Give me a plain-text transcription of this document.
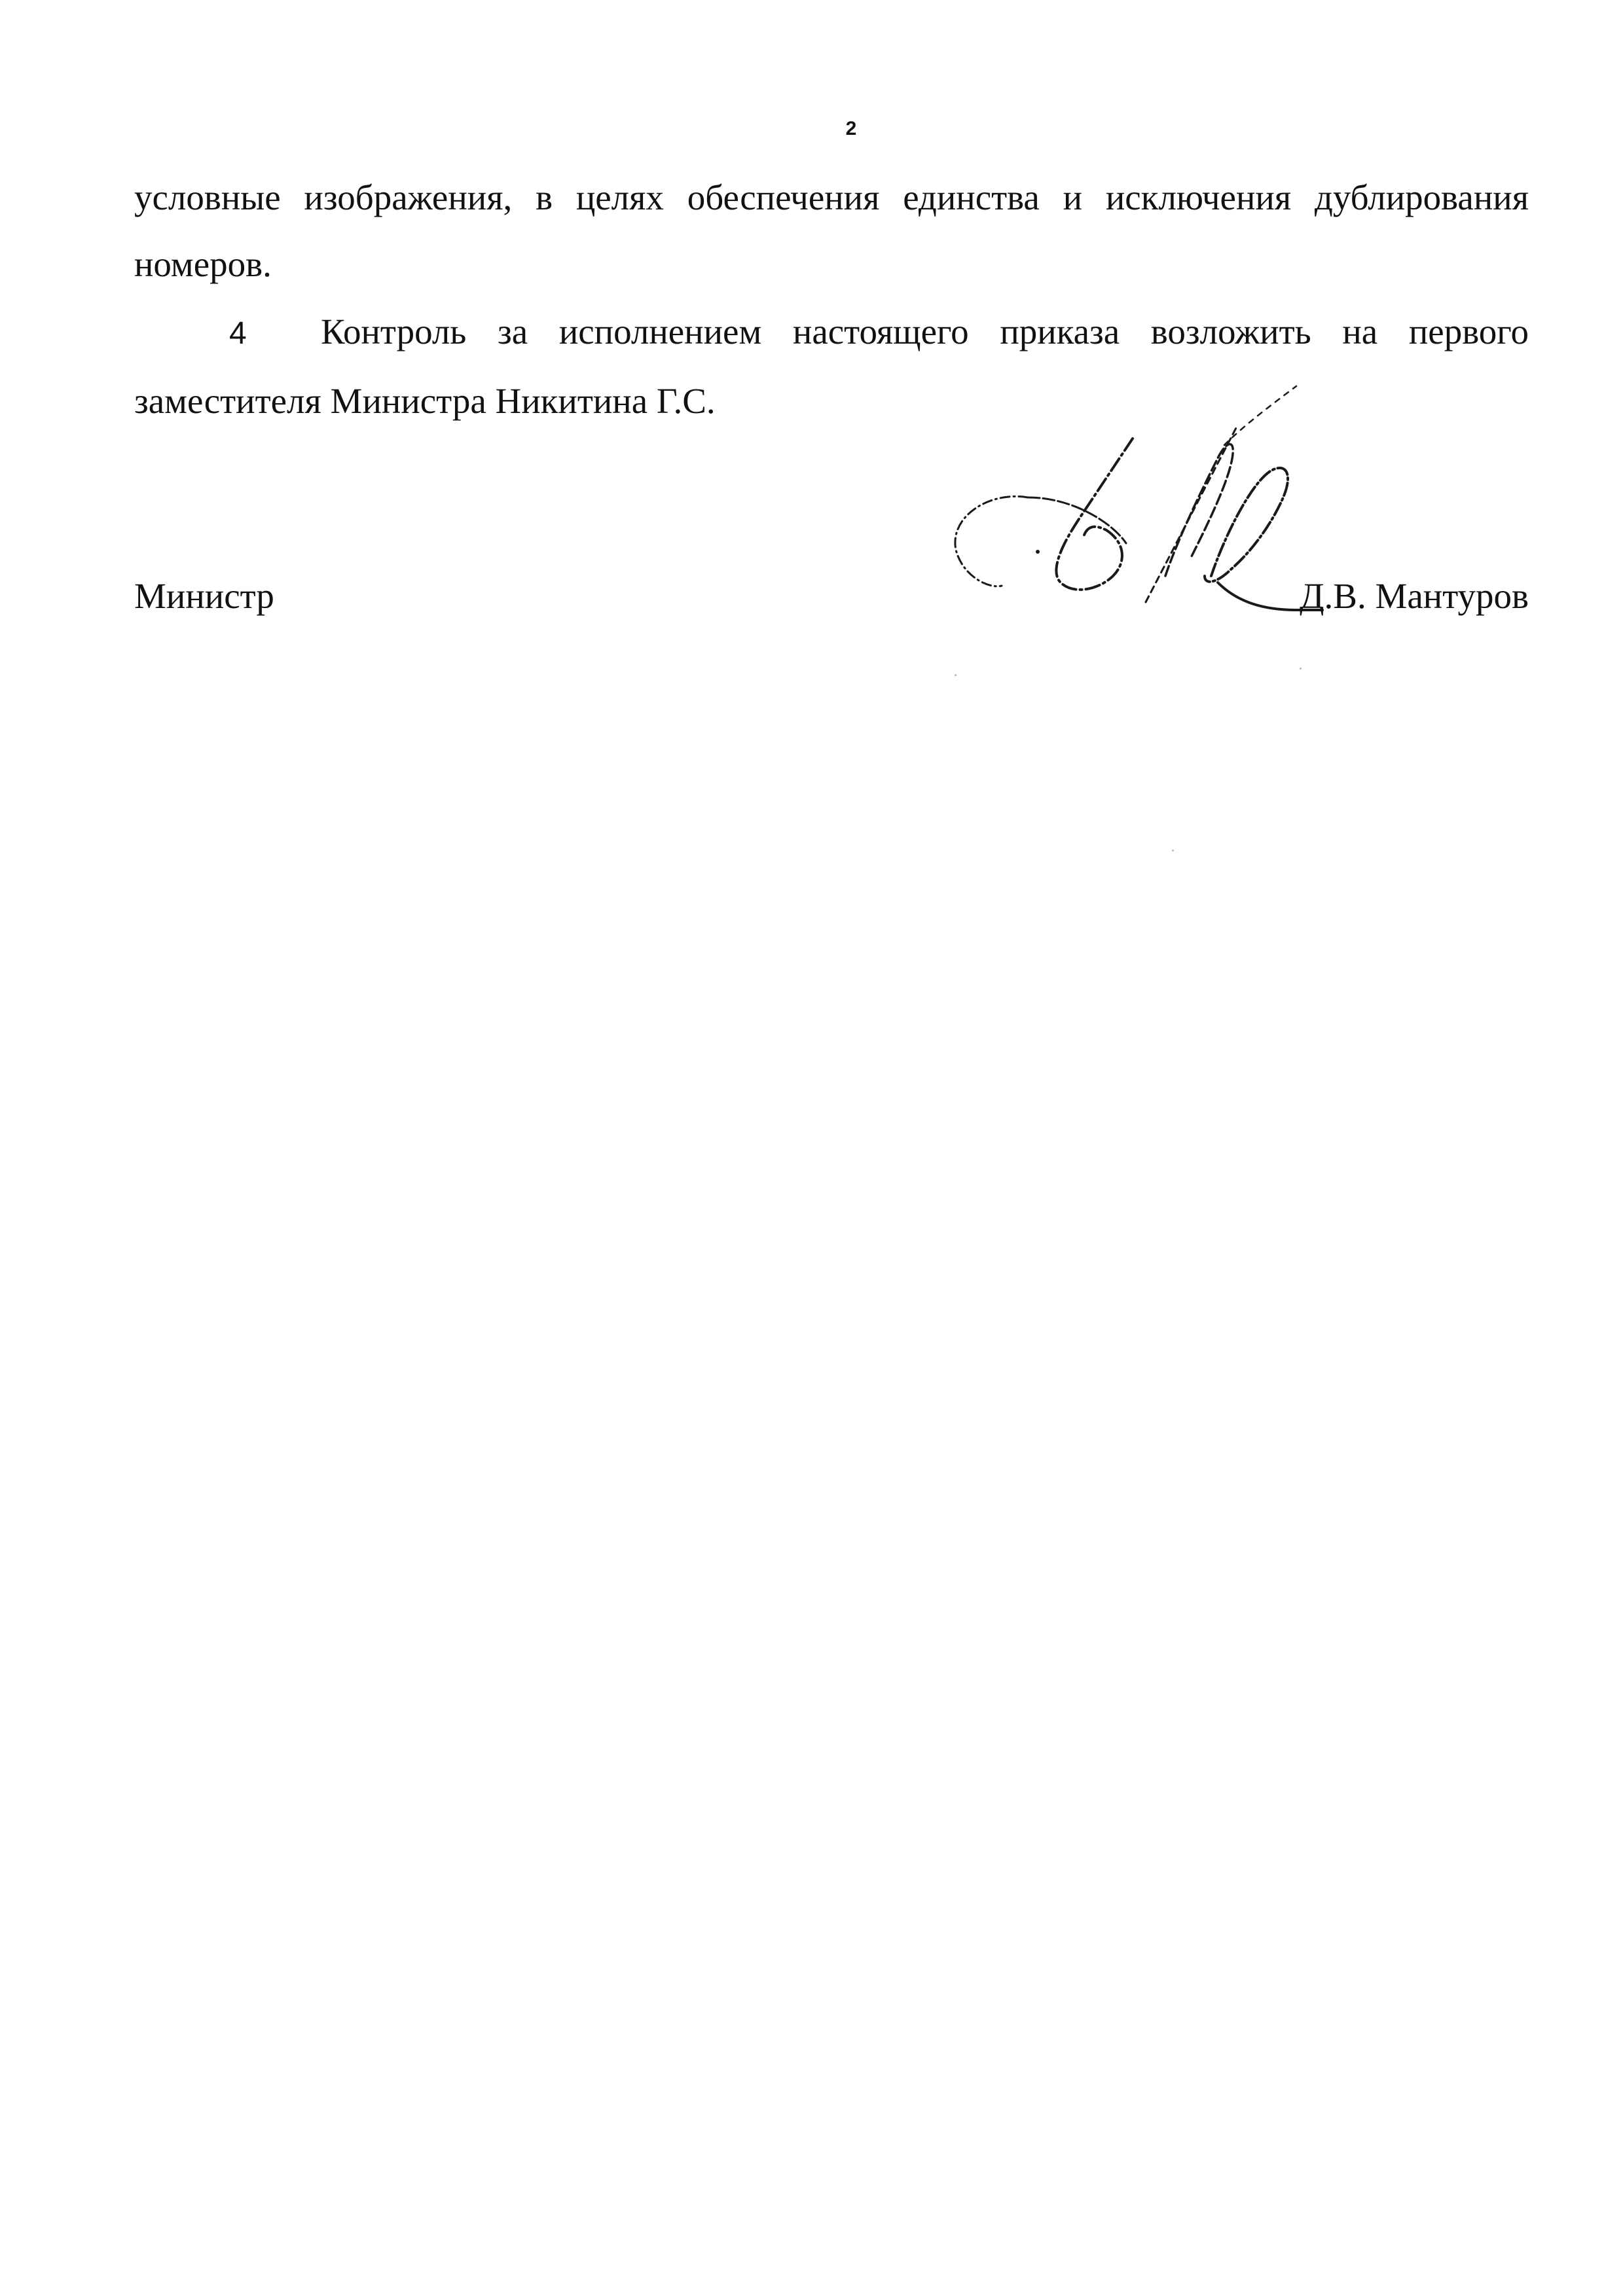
2
условные изображения, в целях обеспечения единства и исключения дублирования
номеров.
4 Контроль за исполнением настоящего приказа возложить на первого
заместителя Министра Никитина Г.С.
Министр	Д.В. Мантуров
